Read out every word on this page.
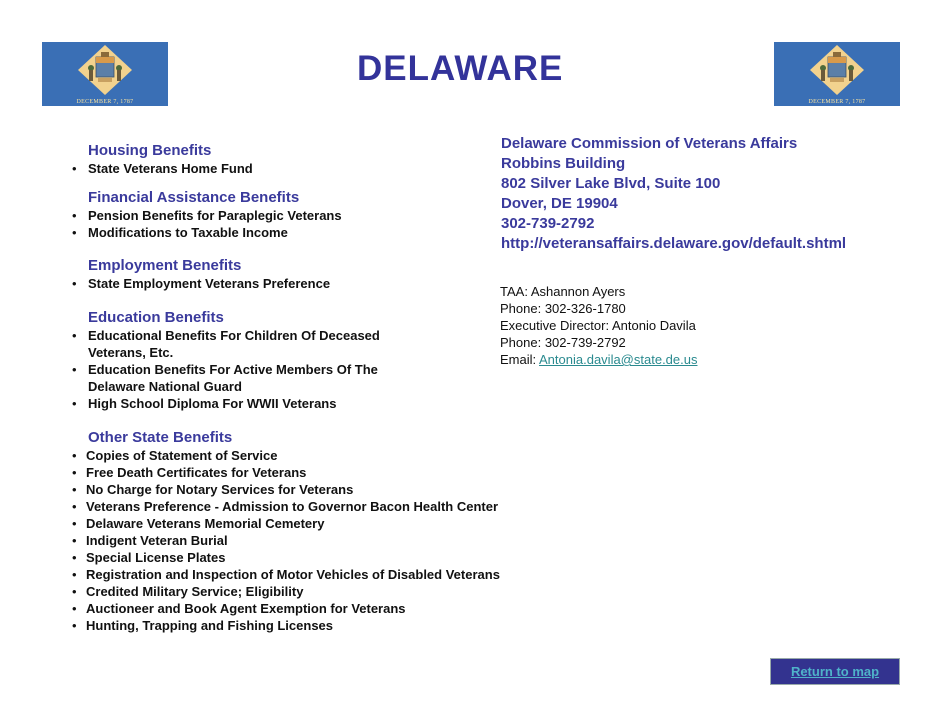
DECEMBER 7, 1787
DELAWARE
DECEMBER 7, 1787
Housing Benefits
• State Veterans Home Fund
Financial Assistance Benefits
• Pension Benefits for Paraplegic Veterans
• Modifications to Taxable Income
Employment Benefits
• State Employment Veterans Preference
Education Benefits
• Educational Benefits For Children Of Deceased
Veterans, Etc.
• Education Benefits For Active Members Of The
Delaware National Guard
• High School Diploma For WWII Veterans
Other State Benefits
• Copies of Statement of Service
• Free Death Certificates for Veterans
• No Charge for Notary Services for Veterans
• Veterans Preference - Admission to Governor Bacon Health Center
• Delaware Veterans Memorial Cemetery
• Indigent Veteran Burial
• Special License Plates
• Registration and Inspection of Motor Vehicles of Disabled Veterans
• Credited Military Service; Eligibility
• Auctioneer and Book Agent Exemption for Veterans
• Hunting, Trapping and Fishing Licenses
Delaware Commission of Veterans Affairs
Robbins Building
802 Silver Lake Blvd, Suite 100
Dover, DE 19904
302-739-2792
http://veteransaffairs.delaware.gov/default.shtml
TAA: Ashannon Ayers
Phone: 302-326-1780
Executive Director: Antonio Davila
Phone: 302-739-2792
Email: Antonia.davila@state.de.us
Return to map
